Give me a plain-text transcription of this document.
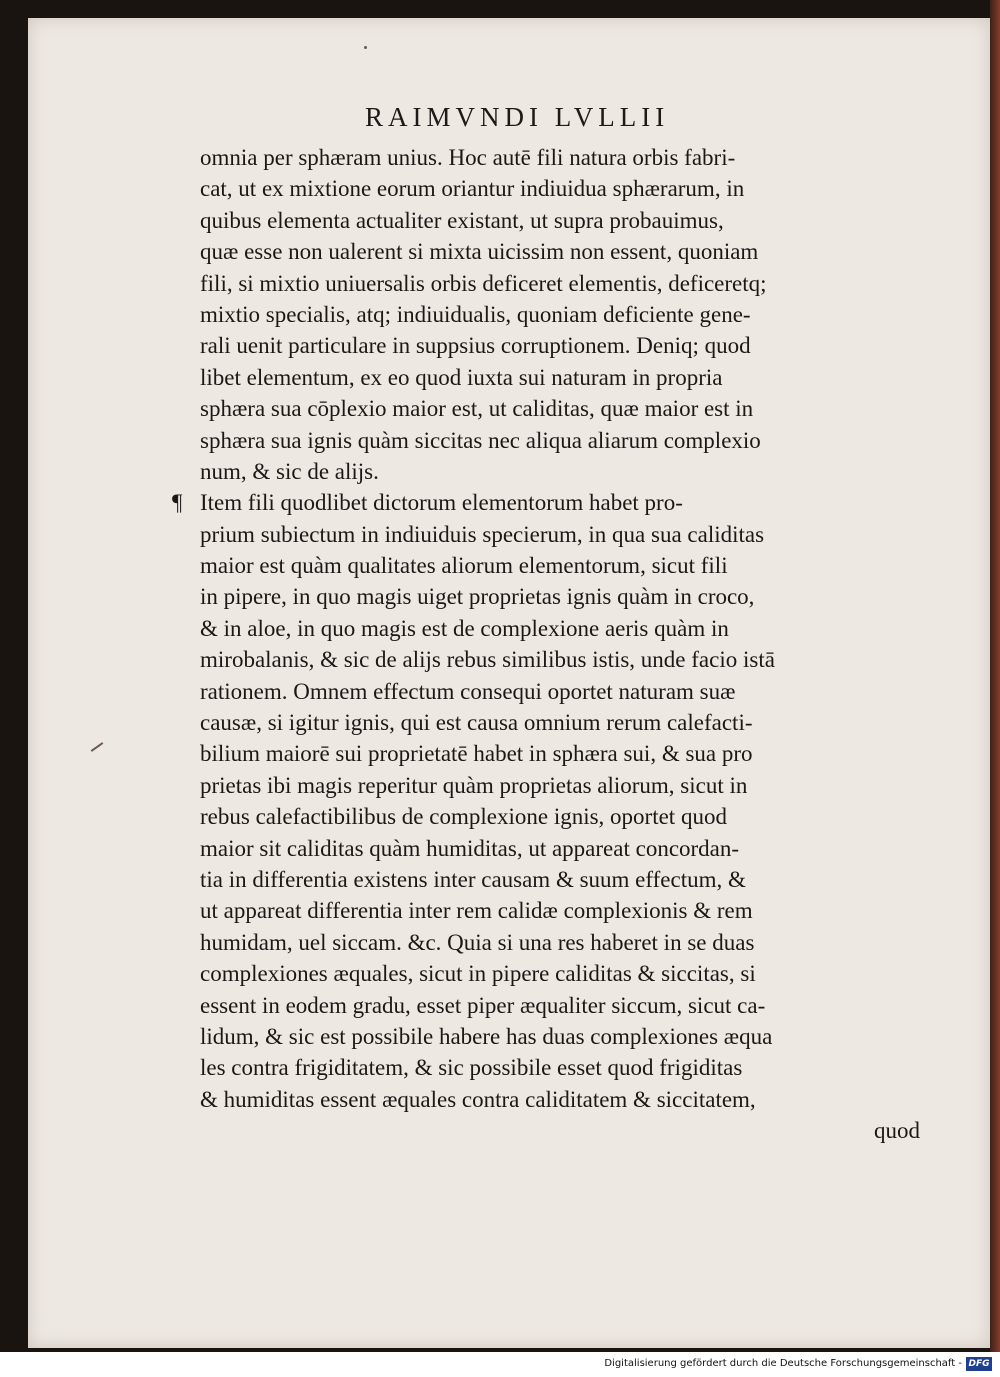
RAIMVNDI LVLLII
omnia per sphæram unius. Hoc autē fili natura orbis fabri-
cat, ut ex mixtione eorum oriantur indiuidua sphærarum, in
quibus elementa actualiter existant, ut supra probauimus,
quæ esse non ualerent si mixta uicissim non essent, quoniam
fili, si mixtio uniuersalis orbis deficeret elementis, deficeretq;
mixtio specialis, atq; indiuidualis, quoniam deficiente gene-
rali uenit particulare in suppsius corruptionem. Deniq; quod
libet elementum, ex eo quod iuxta sui naturam in propria
sphæra sua cōplexio maior est, ut caliditas, quæ maior est in
sphæra sua ignis quàm siccitas nec aliqua aliarum complexio
num, & sic de alijs.
¶ Item fili quodlibet dictorum elementorum habet pro-
prium subiectum in indiuiduis specierum, in qua sua caliditas
maior est quàm qualitates aliorum elementorum, sicut fili
in pipere, in quo magis uiget proprietas ignis quàm in croco,
& in aloe, in quo magis est de complexione aeris quàm in
mirobalanis, & sic de alijs rebus similibus istis, unde facio istā
rationem. Omnem effectum consequi oportet naturam suæ
causæ, si igitur ignis, qui est causa omnium rerum calefacti-
bilium maiorē sui proprietatē habet in sphæra sui, & sua pro
prietas ibi magis reperitur quàm proprietas aliorum, sicut in
rebus calefactibilibus de complexione ignis, oportet quod
maior sit caliditas quàm humiditas, ut appareat concordan-
tia in differentia existens inter causam & suum effectum, &
ut appareat differentia inter rem calidæ complexionis & rem
humidam, uel siccam. &c. Quia si una res haberet in se duas
complexiones æquales, sicut in pipere caliditas & siccitas, si
essent in eodem gradu, esset piper æqualiter siccum, sicut ca-
lidum, & sic est possibile habere has duas complexiones æqua
les contra frigiditatem, & sic possibile esset quod frigiditas
& humiditas essent æquales contra caliditatem & siccitatem,
quod
Digitalisierung gefördert durch die Deutsche Forschungsgemeinschaft - DFG
